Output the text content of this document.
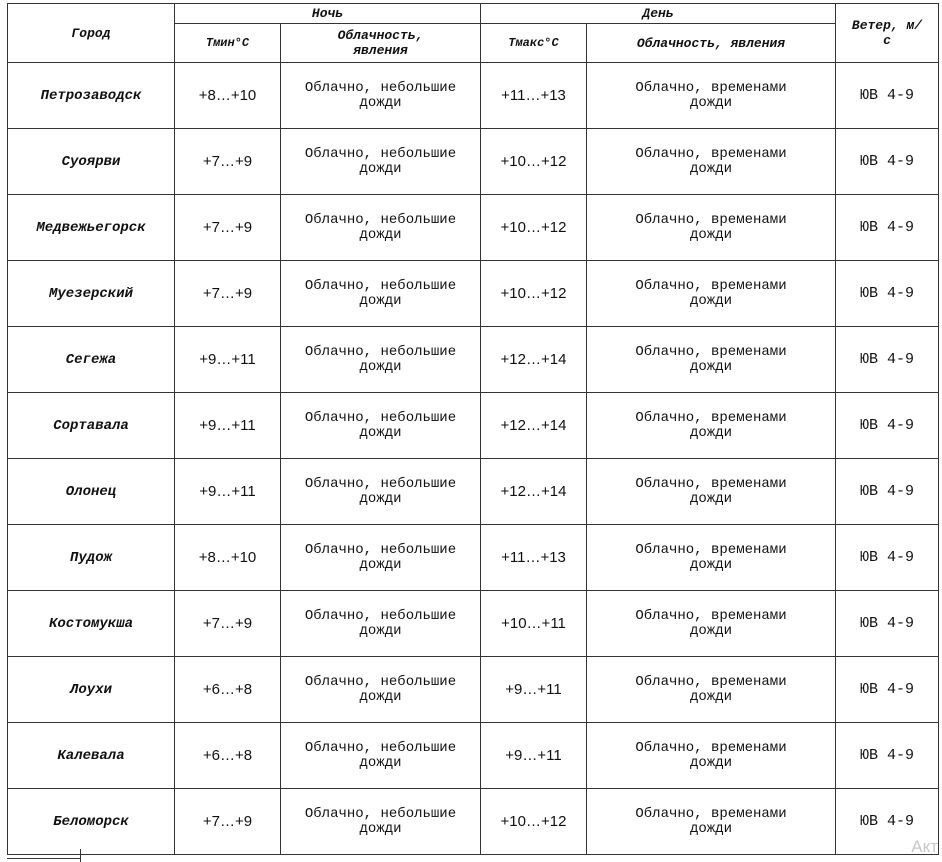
Город	Ночь		День		Ветер, м/с
	Тмин°С	Облачность, явления	Тмакс°С	Облачность, явления	
Петрозаводск	+8…+10	Облачно, небольшие дожди	+11…+13	Облачно, временами дожди	ЮВ 4-9
Суоярви	+7…+9	Облачно, небольшие дожди	+10…+12	Облачно, временами дожди	ЮВ 4-9
Медвежьегорск	+7…+9	Облачно, небольшие дожди	+10…+12	Облачно, временами дожди	ЮВ 4-9
Муезерский	+7…+9	Облачно, небольшие дожди	+10…+12	Облачно, временами дожди	ЮВ 4-9
Сегежа	+9…+11	Облачно, небольшие дожди	+12…+14	Облачно, временами дожди	ЮВ 4-9
Сортавала	+9…+11	Облачно, небольшие дожди	+12…+14	Облачно, временами дожди	ЮВ 4-9
Олонец	+9…+11	Облачно, небольшие дожди	+12…+14	Облачно, временами дожди	ЮВ 4-9
Пудож	+8…+10	Облачно, небольшие дожди	+11…+13	Облачно, временами дожди	ЮВ 4-9
Костомукша	+7…+9	Облачно, небольшие дожди	+10…+11	Облачно, временами дожди	ЮВ 4-9
Лоухи	+6…+8	Облачно, небольшие дожди	+9…+11	Облачно, временами дожди	ЮВ 4-9
Калевала	+6…+8	Облачно, небольшие дожди	+9…+11	Облачно, временами дожди	ЮВ 4-9
Беломорск	+7…+9	Облачно, небольшие дожди	+10…+12	Облачно, временами дожди	ЮВ 4-9
Акт
